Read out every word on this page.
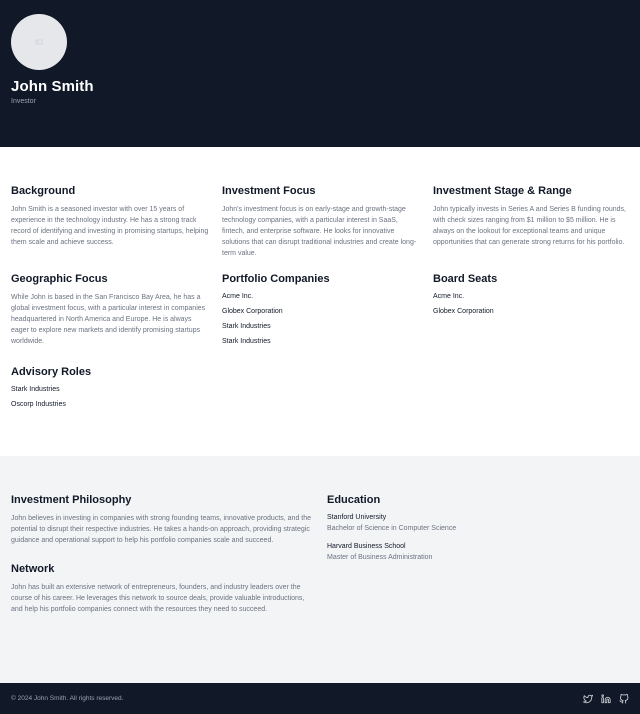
John Smith
Investor
Background

John Smith is a seasoned investor with over 15 years of experience in the technology industry. He has a strong track record of identifying and investing in promising startups, helping them scale and achieve success.

Investment Focus

John's investment focus is on early-stage and growth-stage technology companies, with a particular interest in SaaS, fintech, and enterprise software. He looks for innovative solutions that can disrupt traditional industries and create long-term value.

Investment Stage & Range

John typically invests in Series A and Series B funding rounds, with check sizes ranging from $1 million to $5 million. He is always on the lookout for exceptional teams and unique opportunities that can generate strong returns for his portfolio.

Geographic Focus

While John is based in the San Francisco Bay Area, he has a global investment focus, with a particular interest in companies headquartered in North America and Europe. He is always eager to explore new markets and identify promising startups worldwide.

Portfolio Companies
Acme Inc.
Globex Corporation
Stark Industries
Stark Industries
Board Seats
Acme Inc.
Globex Corporation
Advisory Roles
Stark Industries
Oscorp Industries
Investment Philosophy

John believes in investing in companies with strong founding teams, innovative products, and the potential to disrupt their respective industries. He takes a hands-on approach, providing strategic guidance and operational support to help his portfolio companies scale and succeed.

Network

John has built an extensive network of entrepreneurs, founders, and industry leaders over the course of his career. He leverages this network to source deals, provide valuable introductions, and help his portfolio companies connect with the resources they need to succeed.

Education
Stanford University
Bachelor of Science in Computer Science
Harvard Business School
Master of Business Administration
© 2024 John Smith. All rights reserved.
